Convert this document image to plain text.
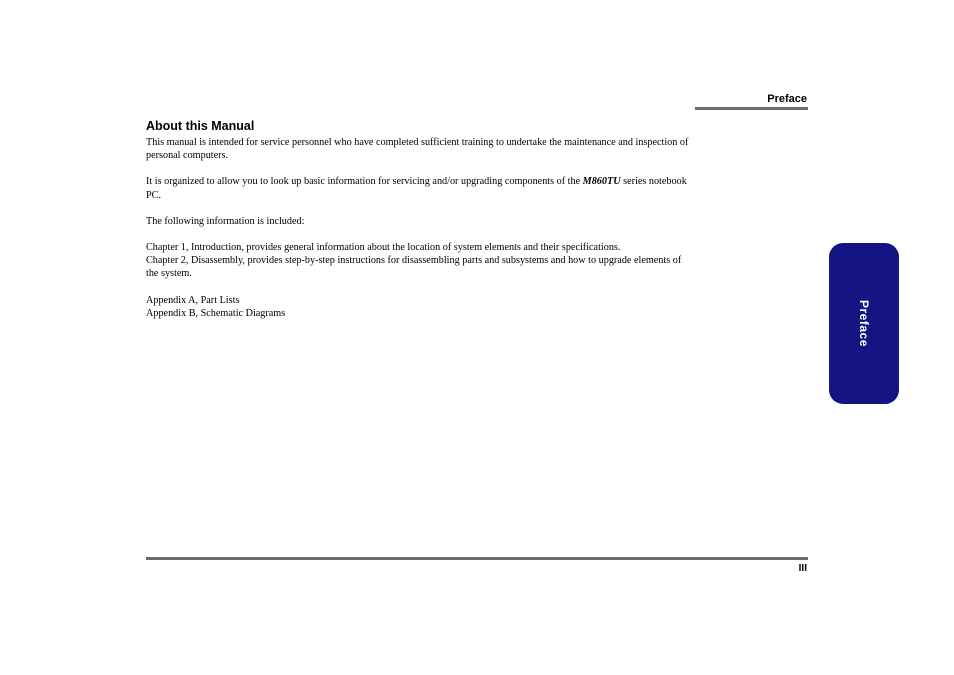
Preface
About this Manual

This manual is intended for service personnel who have completed sufficient training to undertake the maintenance and inspection of personal computers.

It is organized to allow you to look up basic information for servicing and/or upgrading components of the M860TU series notebook PC.

The following information is included:

Chapter 1, Introduction, provides general information about the location of system elements and their specifications.

Chapter 2, Disassembly, provides step-by-step instructions for disassembling parts and subsystems and how to upgrade elements of the system.

Appendix A, Part Lists

Appendix B, Schematic Diagrams	Preface
III
